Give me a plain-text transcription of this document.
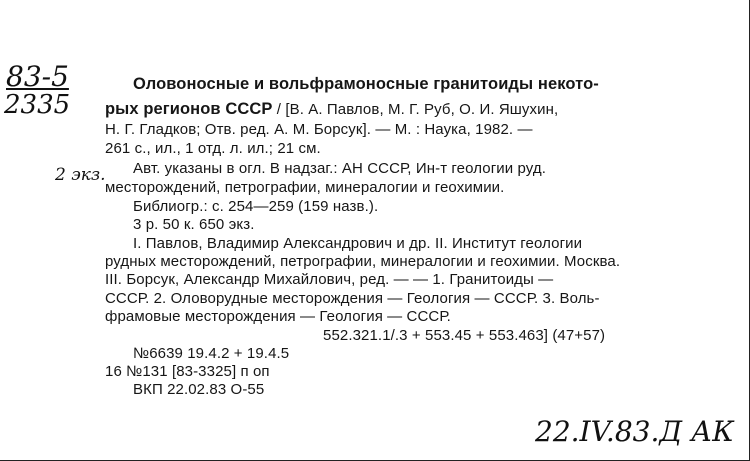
83-5
2335
2 экз.
22.IV.83.Д АК
Оловоносные и вольфрамоносные гранитоиды некото-
рых регионов СССР / [В. А. Павлов, М. Г. Руб, О. И. Яшухин,
Н. Г. Гладков; Отв. ред. А. М. Борсук]. — М. : Наука, 1982. —
261 с., ил., 1 отд. л. ил.; 21 см.
Авт. указаны в огл. В надзаг.: АН СССР, Ин-т геологии руд.
месторождений, петрографии, минералогии и геохимии.
Библиогр.: с. 254—259 (159 назв.).
3 р. 50 к. 650 экз.
I. Павлов, Владимир Александрович и др. II. Институт геологии
рудных месторождений, петрографии, минералогии и геохимии. Москва.
III. Борсук, Александр Михайлович, ред. — — 1. Гранитоиды —
СССР. 2. Оловорудные месторождения — Геология — СССР. 3. Воль-
фрамовые месторождения — Геология — СССР.
552.321.1/.3 + 553.45 + 553.463] (47+57)
№6639 19.4.2 + 19.4.5
16 №131 [83-3325] п оп
ВКП 22.02.83 О-55
